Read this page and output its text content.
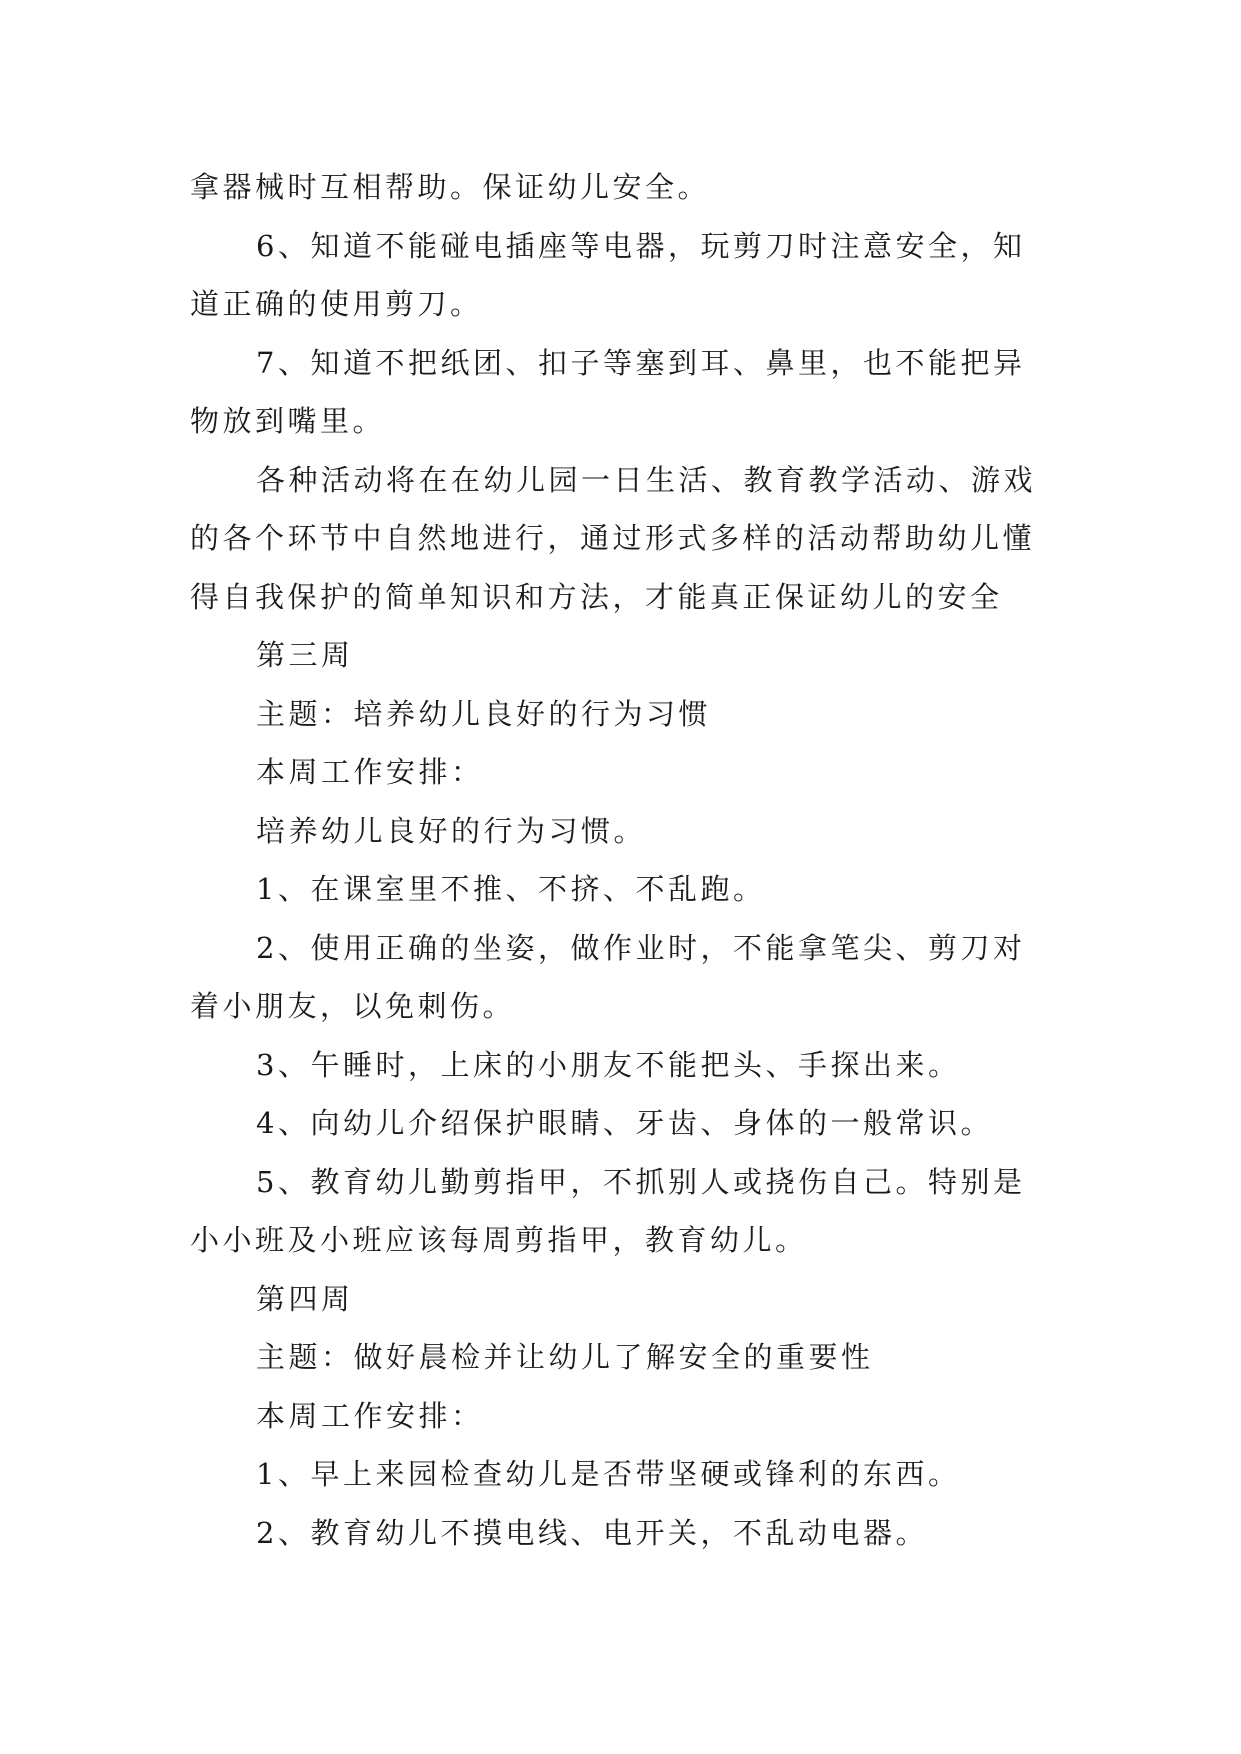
拿器械时互相帮助。保证幼儿安全。
6、知道不能碰电插座等电器，玩剪刀时注意安全，知
道正确的使用剪刀。
7、知道不把纸团、扣子等塞到耳、鼻里，也不能把异
物放到嘴里。
各种活动将在在幼儿园一日生活、教育教学活动、游戏
的各个环节中自然地进行，通过形式多样的活动帮助幼儿懂
得自我保护的简单知识和方法，才能真正保证幼儿的安全
第三周
主题：培养幼儿良好的行为习惯
本周工作安排：
培养幼儿良好的行为习惯。
1、在课室里不推、不挤、不乱跑。
2、使用正确的坐姿，做作业时，不能拿笔尖、剪刀对
着小朋友，以免刺伤。
3、午睡时，上床的小朋友不能把头、手探出来。
4、向幼儿介绍保护眼睛、牙齿、身体的一般常识。
5、教育幼儿勤剪指甲，不抓别人或挠伤自己。特别是
小小班及小班应该每周剪指甲，教育幼儿。
第四周
主题：做好晨检并让幼儿了解安全的重要性
本周工作安排：
1、早上来园检查幼儿是否带坚硬或锋利的东西。
2、教育幼儿不摸电线、电开关，不乱动电器。
